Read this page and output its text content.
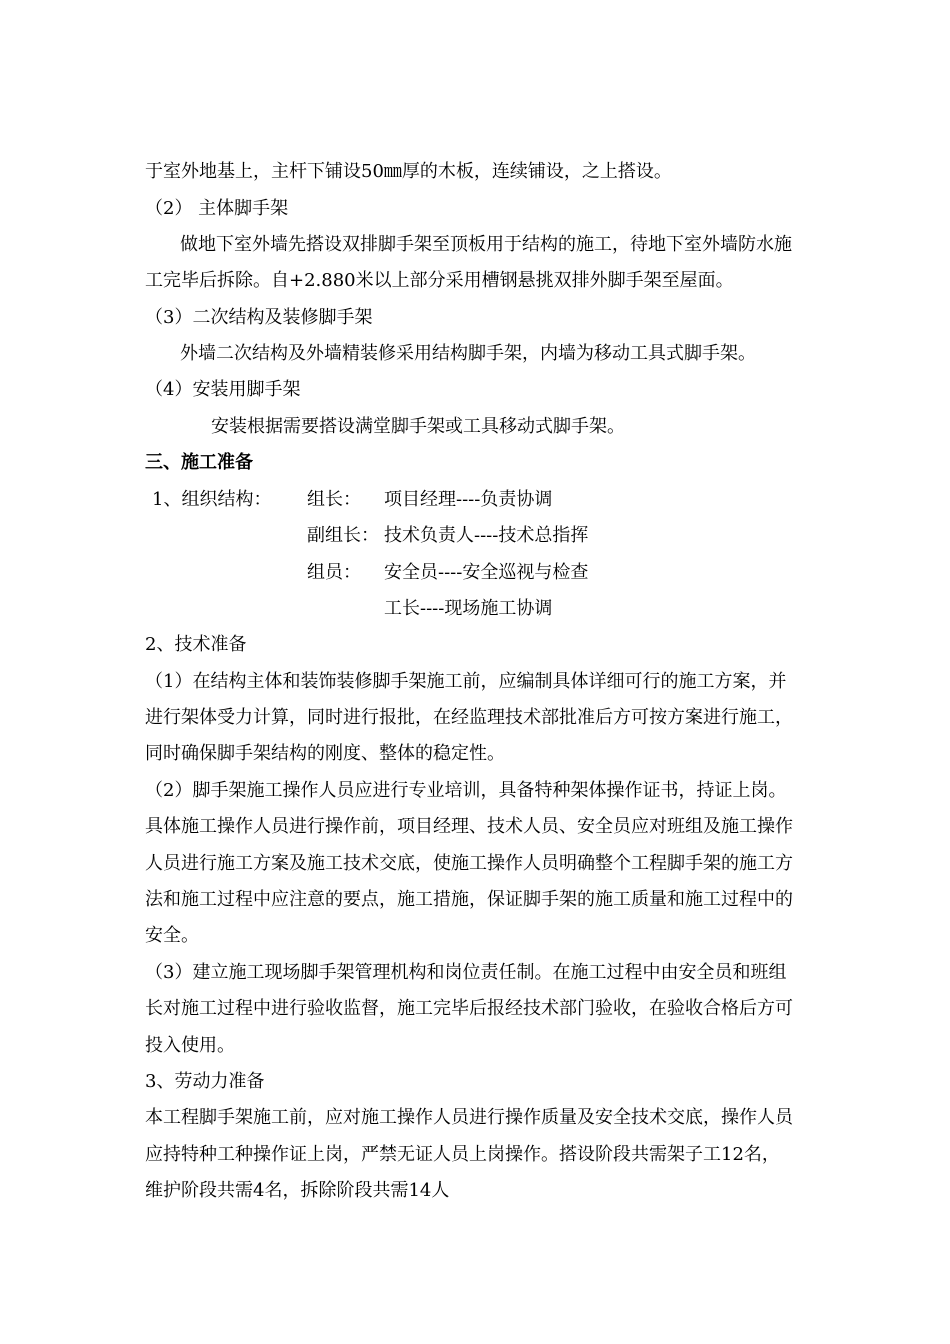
于室外地基上，主杆下铺设50㎜厚的木板，连续铺设，之上搭设。
（2） 主体脚手架
做地下室外墙先搭设双排脚手架至顶板用于结构的施工，待地下室外墙防水施
工完毕后拆除。自+2.880米以上部分采用槽钢悬挑双排外脚手架至屋面。
（3）二次结构及装修脚手架
外墙二次结构及外墙精装修采用结构脚手架，内墙为移动工具式脚手架。
（4）安装用脚手架
安装根据需要搭设满堂脚手架或工具移动式脚手架。
三、施工准备
1、组织结构： 组长： 项目经理----负责协调
副组长： 技术负责人----技术总指挥
组员： 安全员----安全巡视与检查
工长----现场施工协调
2、技术准备
（1）在结构主体和装饰装修脚手架施工前，应编制具体详细可行的施工方案，并
进行架体受力计算，同时进行报批，在经监理技术部批准后方可按方案进行施工，
同时确保脚手架结构的刚度、整体的稳定性。
（2）脚手架施工操作人员应进行专业培训，具备特种架体操作证书，持证上岗。
具体施工操作人员进行操作前，项目经理、技术人员、安全员应对班组及施工操作
人员进行施工方案及施工技术交底，使施工操作人员明确整个工程脚手架的施工方
法和施工过程中应注意的要点，施工措施，保证脚手架的施工质量和施工过程中的
安全。
（3）建立施工现场脚手架管理机构和岗位责任制。在施工过程中由安全员和班组
长对施工过程中进行验收监督，施工完毕后报经技术部门验收，在验收合格后方可
投入使用。
3、劳动力准备
本工程脚手架施工前，应对施工操作人员进行操作质量及安全技术交底，操作人员
应持特种工种操作证上岗，严禁无证人员上岗操作。搭设阶段共需架子工12名，
维护阶段共需4名，拆除阶段共需14人
